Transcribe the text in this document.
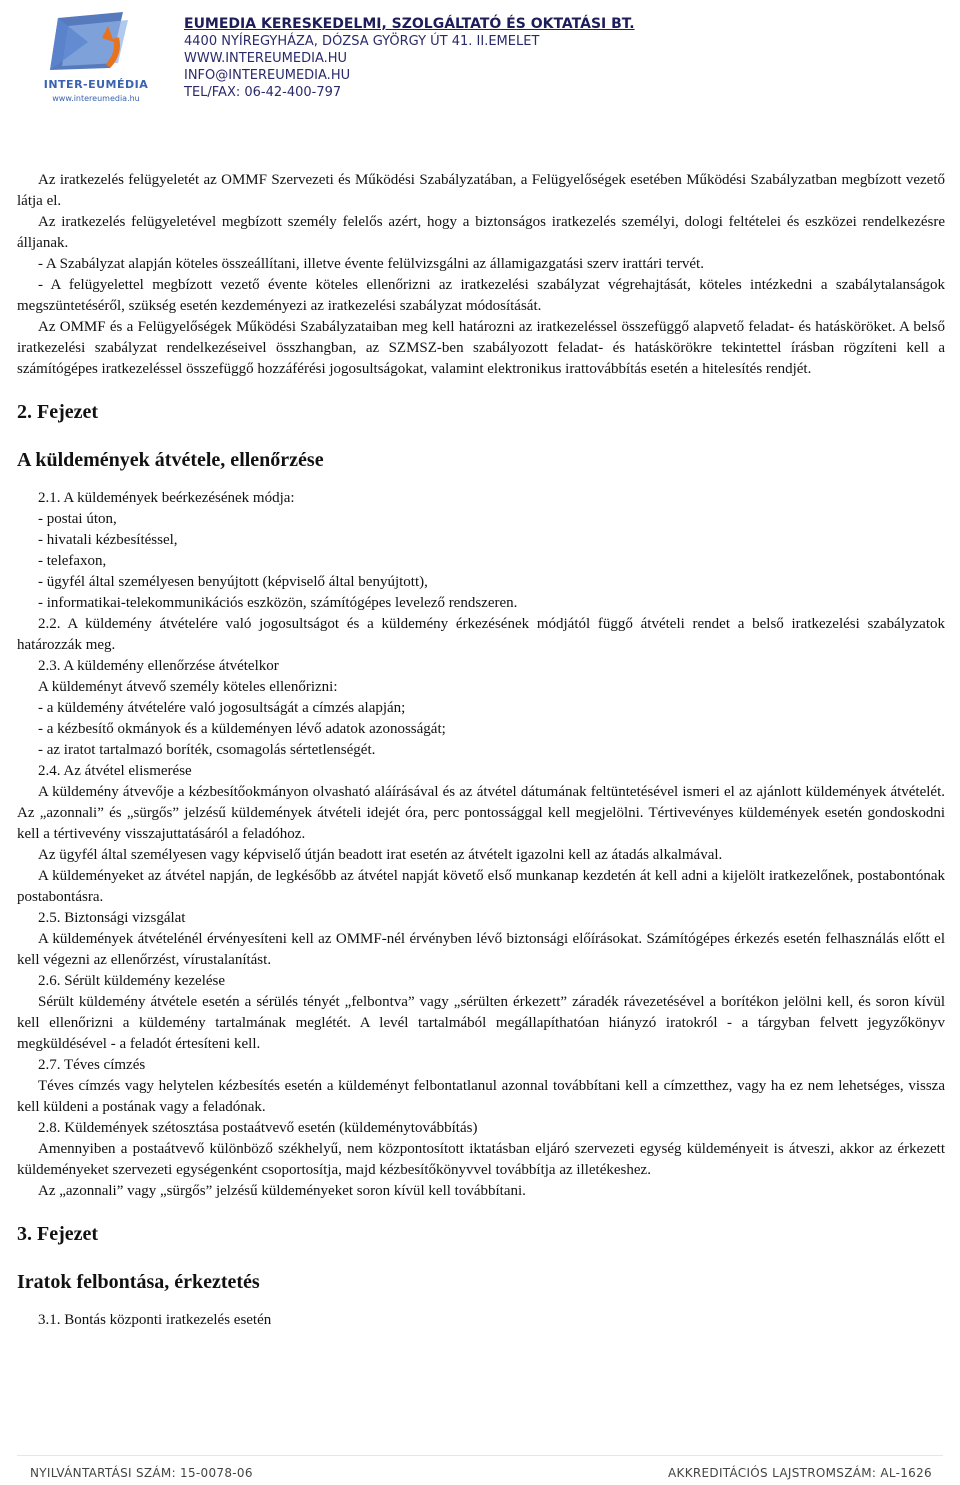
INTER-EUMÉDIA
www.intereumedia.hu
EUMEDIA KERESKEDELMI, SZOLGÁLTATÓ ÉS OKTATÁSI BT.
4400 NYÍREGYHÁZA, DÓZSA GYÖRGY ÚT 41. II.EMELET
WWW.INTEREUMEDIA.HU
INFO@INTEREUMEDIA.HU
TEL/FAX: 06-42-400-797

Az iratkezelés felügyeletét az OMMF Szervezeti és Működési Szabályzatában, a Felügyelőségek esetében Működési Szabályzatban megbízott vezető látja el.

Az iratkezelés felügyeletével megbízott személy felelős azért, hogy a biztonságos iratkezelés személyi, dologi feltételei és eszközei rendelkezésre álljanak.

- A Szabályzat alapján köteles összeállítani, illetve évente felülvizsgálni az államigazgatási szerv irattári tervét.

- A felügyelettel megbízott vezető évente köteles ellenőrizni az iratkezelési szabályzat végrehajtását, köteles intézkedni a szabálytalanságok megszüntetéséről, szükség esetén kezdeményezi az iratkezelési szabályzat módosítását.

Az OMMF és a Felügyelőségek Működési Szabályzataiban meg kell határozni az iratkezeléssel összefüggő alapvető feladat- és hatásköröket. A belső iratkezelési szabályzat rendelkezéseivel összhangban, az SZMSZ-ben szabályozott feladat- és hatáskörökre tekintettel írásban rögzíteni kell a számítógépes iratkezeléssel összefüggő hozzáférési jogosultságokat, valamint elektronikus irattovábbítás esetén a hitelesítés rendjét.

2. Fejezet

A küldemények átvétele, ellenőrzése

2.1. A küldemények beérkezésének módja:

- postai úton,

- hivatali kézbesítéssel,

- telefaxon,

- ügyfél által személyesen benyújtott (képviselő által benyújtott),

- informatikai-telekommunikációs eszközön, számítógépes levelező rendszeren.

2.2. A küldemény átvételére való jogosultságot és a küldemény érkezésének módjától függő átvételi rendet a belső iratkezelési szabályzatok határozzák meg.

2.3. A küldemény ellenőrzése átvételkor

A küldeményt átvevő személy köteles ellenőrizni:

- a küldemény átvételére való jogosultságát a címzés alapján;

- a kézbesítő okmányok és a küldeményen lévő adatok azonosságát;

- az iratot tartalmazó boríték, csomagolás sértetlenségét.

2.4. Az átvétel elismerése

A küldemény átvevője a kézbesítőokmányon olvasható aláírásával és az átvétel dátumának feltüntetésével ismeri el az ajánlott küldemények átvételét. Az „azonnali” és „sürgős” jelzésű küldemények átvételi idejét óra, perc pontossággal kell megjelölni. Tértivevényes küldemények esetén gondoskodni kell a tértivevény visszajuttatásáról a feladóhoz.

Az ügyfél által személyesen vagy képviselő útján beadott irat esetén az átvételt igazolni kell az átadás alkalmával.

A küldeményeket az átvétel napján, de legkésőbb az átvétel napját követő első munkanap kezdetén át kell adni a kijelölt iratkezelőnek, postabontónak postabontásra.

2.5. Biztonsági vizsgálat

A küldemények átvételénél érvényesíteni kell az OMMF-nél érvényben lévő biztonsági előírásokat. Számítógépes érkezés esetén felhasználás előtt el kell végezni az ellenőrzést, vírustalanítást.

2.6. Sérült küldemény kezelése

Sérült küldemény átvétele esetén a sérülés tényét „felbontva” vagy „sérülten érkezett” záradék rávezetésével a borítékon jelölni kell, és soron kívül kell ellenőrizni a küldemény tartalmának meglétét. A levél tartalmából megállapíthatóan hiányzó iratokról - a tárgyban felvett jegyzőkönyv megküldésével - a feladót értesíteni kell.

2.7. Téves címzés

Téves címzés vagy helytelen kézbesítés esetén a küldeményt felbontatlanul azonnal továbbítani kell a címzetthez, vagy ha ez nem lehetséges, vissza kell küldeni a postának vagy a feladónak.

2.8. Küldemények szétosztása postaátvevő esetén (küldeménytovábbítás)

Amennyiben a postaátvevő különböző székhelyű, nem központosított iktatásban eljáró szervezeti egység küldeményeit is átveszi, akkor az érkezett küldeményeket szervezeti egységenként csoportosítja, majd kézbesítőkönyvvel továbbítja az illetékeshez.

Az „azonnali” vagy „sürgős” jelzésű küldeményeket soron kívül kell továbbítani.

3. Fejezet

Iratok felbontása, érkeztetés

3.1. Bontás központi iratkezelés esetén

NYILVÁNTARTÁSI SZÁM: 15-0078-06	AKKREDITÁCIÓS LAJSTROMSZÁM: AL-1626
